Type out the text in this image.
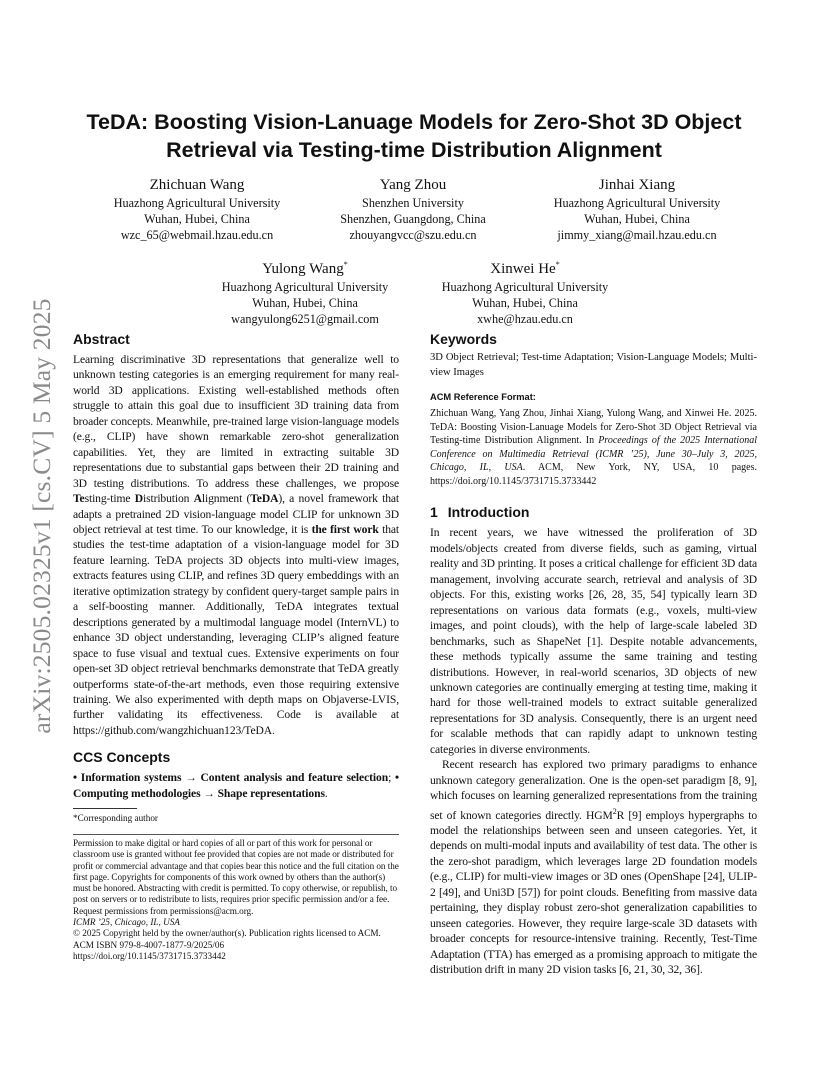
arXiv:2505.02325v1 [cs.CV] 5 May 2025
TeDA: Boosting Vision-Lanuage Models for Zero-Shot 3D Object Retrieval via Testing-time Distribution Alignment
Zhichuan Wang
Huazhong Agricultural University
Wuhan, Hubei, China
wzc_65@webmail.hzau.edu.cn
Yang Zhou
Shenzhen University
Shenzhen, Guangdong, China
zhouyangvcc@szu.edu.cn
Jinhai Xiang
Huazhong Agricultural University
Wuhan, Hubei, China
jimmy_xiang@mail.hzau.edu.cn
Yulong Wang*
Huazhong Agricultural University
Wuhan, Hubei, China
wangyulong6251@gmail.com
Xinwei He*
Huazhong Agricultural University
Wuhan, Hubei, China
xwhe@hzau.edu.cn
Abstract

Learning discriminative 3D representations that generalize well to unknown testing categories is an emerging requirement for many real-world 3D applications. Existing well-established methods often struggle to attain this goal due to insufficient 3D training data from broader concepts. Meanwhile, pre-trained large vision-language models (e.g., CLIP) have shown remarkable zero-shot generalization capabilities. Yet, they are limited in extracting suitable 3D representations due to substantial gaps between their 2D training and 3D testing distributions. To address these challenges, we propose Testing-time Distribution Alignment (TeDA), a novel framework that adapts a pretrained 2D vision-language model CLIP for unknown 3D object retrieval at test time. To our knowledge, it is the first work that studies the test-time adaptation of a vision-language model for 3D feature learning. TeDA projects 3D objects into multi-view images, extracts features using CLIP, and refines 3D query embeddings with an iterative optimization strategy by confident query-target sample pairs in a self-boosting manner. Additionally, TeDA integrates textual descriptions generated by a multimodal language model (InternVL) to enhance 3D object understanding, leveraging CLIP’s aligned feature space to fuse visual and textual cues. Extensive experiments on four open-set 3D object retrieval benchmarks demonstrate that TeDA greatly outperforms state-of-the-art methods, even those requiring extensive training. We also experimented with depth maps on Objaverse-LVIS, further validating its effectiveness. Code is available at https://github.com/wangzhichuan123/TeDA.

CCS Concepts

• Information systems → Content analysis and feature selection; • Computing methodologies → Shape representations.

*Corresponding author

Permission to make digital or hard copies of all or part of this work for personal or classroom use is granted without fee provided that copies are not made or distributed for profit or commercial advantage and that copies bear this notice and the full citation on the first page. Copyrights for components of this work owned by others than the author(s) must be honored. Abstracting with credit is permitted. To copy otherwise, or republish, to post on servers or to redistribute to lists, requires prior specific permission and/or a fee. Request permissions from permissions@acm.org.

ICMR ’25, Chicago, IL, USA

© 2025 Copyright held by the owner/author(s). Publication rights licensed to ACM.

ACM ISBN 979-8-4007-1877-9/2025/06

https://doi.org/10.1145/3731715.3733442

Keywords

3D Object Retrieval; Test-time Adaptation; Vision-Language Models; Multi-view Images

ACM Reference Format:

Zhichuan Wang, Yang Zhou, Jinhai Xiang, Yulong Wang, and Xinwei He. 2025. TeDA: Boosting Vision-Lanuage Models for Zero-Shot 3D Object Retrieval via Testing-time Distribution Alignment. In Proceedings of the 2025 International Conference on Multimedia Retrieval (ICMR ’25), June 30–July 3, 2025, Chicago, IL, USA. ACM, New York, NY, USA, 10 pages. https://doi.org/10.1145/3731715.3733442

1 Introduction

In recent years, we have witnessed the proliferation of 3D models/objects created from diverse fields, such as gaming, virtual reality and 3D printing. It poses a critical challenge for efficient 3D data management, involving accurate search, retrieval and analysis of 3D objects. For this, existing works [26, 28, 35, 54] typically learn 3D representations on various data formats (e.g., voxels, multi-view images, and point clouds), with the help of large-scale labeled 3D benchmarks, such as ShapeNet [1]. Despite notable advancements, these methods typically assume the same training and testing distributions. However, in real-world scenarios, 3D objects of new unknown categories are continually emerging at testing time, making it hard for those well-trained models to extract suitable generalized representations for 3D analysis. Consequently, there is an urgent need for scalable methods that can rapidly adapt to unknown testing categories in diverse environments.

Recent research has explored two primary paradigms to enhance unknown category generalization. One is the open-set paradigm [8, 9], which focuses on learning generalized representations from the training set of known categories directly. HGM$^2$R [9] employs hypergraphs to model the relationships between seen and unseen categories. Yet, it depends on multi-modal inputs and availability of test data. The other is the zero-shot paradigm, which leverages large 2D foundation models (e.g., CLIP) for multi-view images or 3D ones (OpenShape [24], ULIP-2 [49], and Uni3D [57]) for point clouds. Benefiting from massive data pertaining, they display robust zero-shot generalization capabilities to unseen categories. However, they require large-scale 3D datasets with broader concepts for resource-intensive training. Recently, Test-Time Adaptation (TTA) has emerged as a promising approach to mitigate the distribution drift in many 2D vision tasks [6, 21, 30, 32, 36].
